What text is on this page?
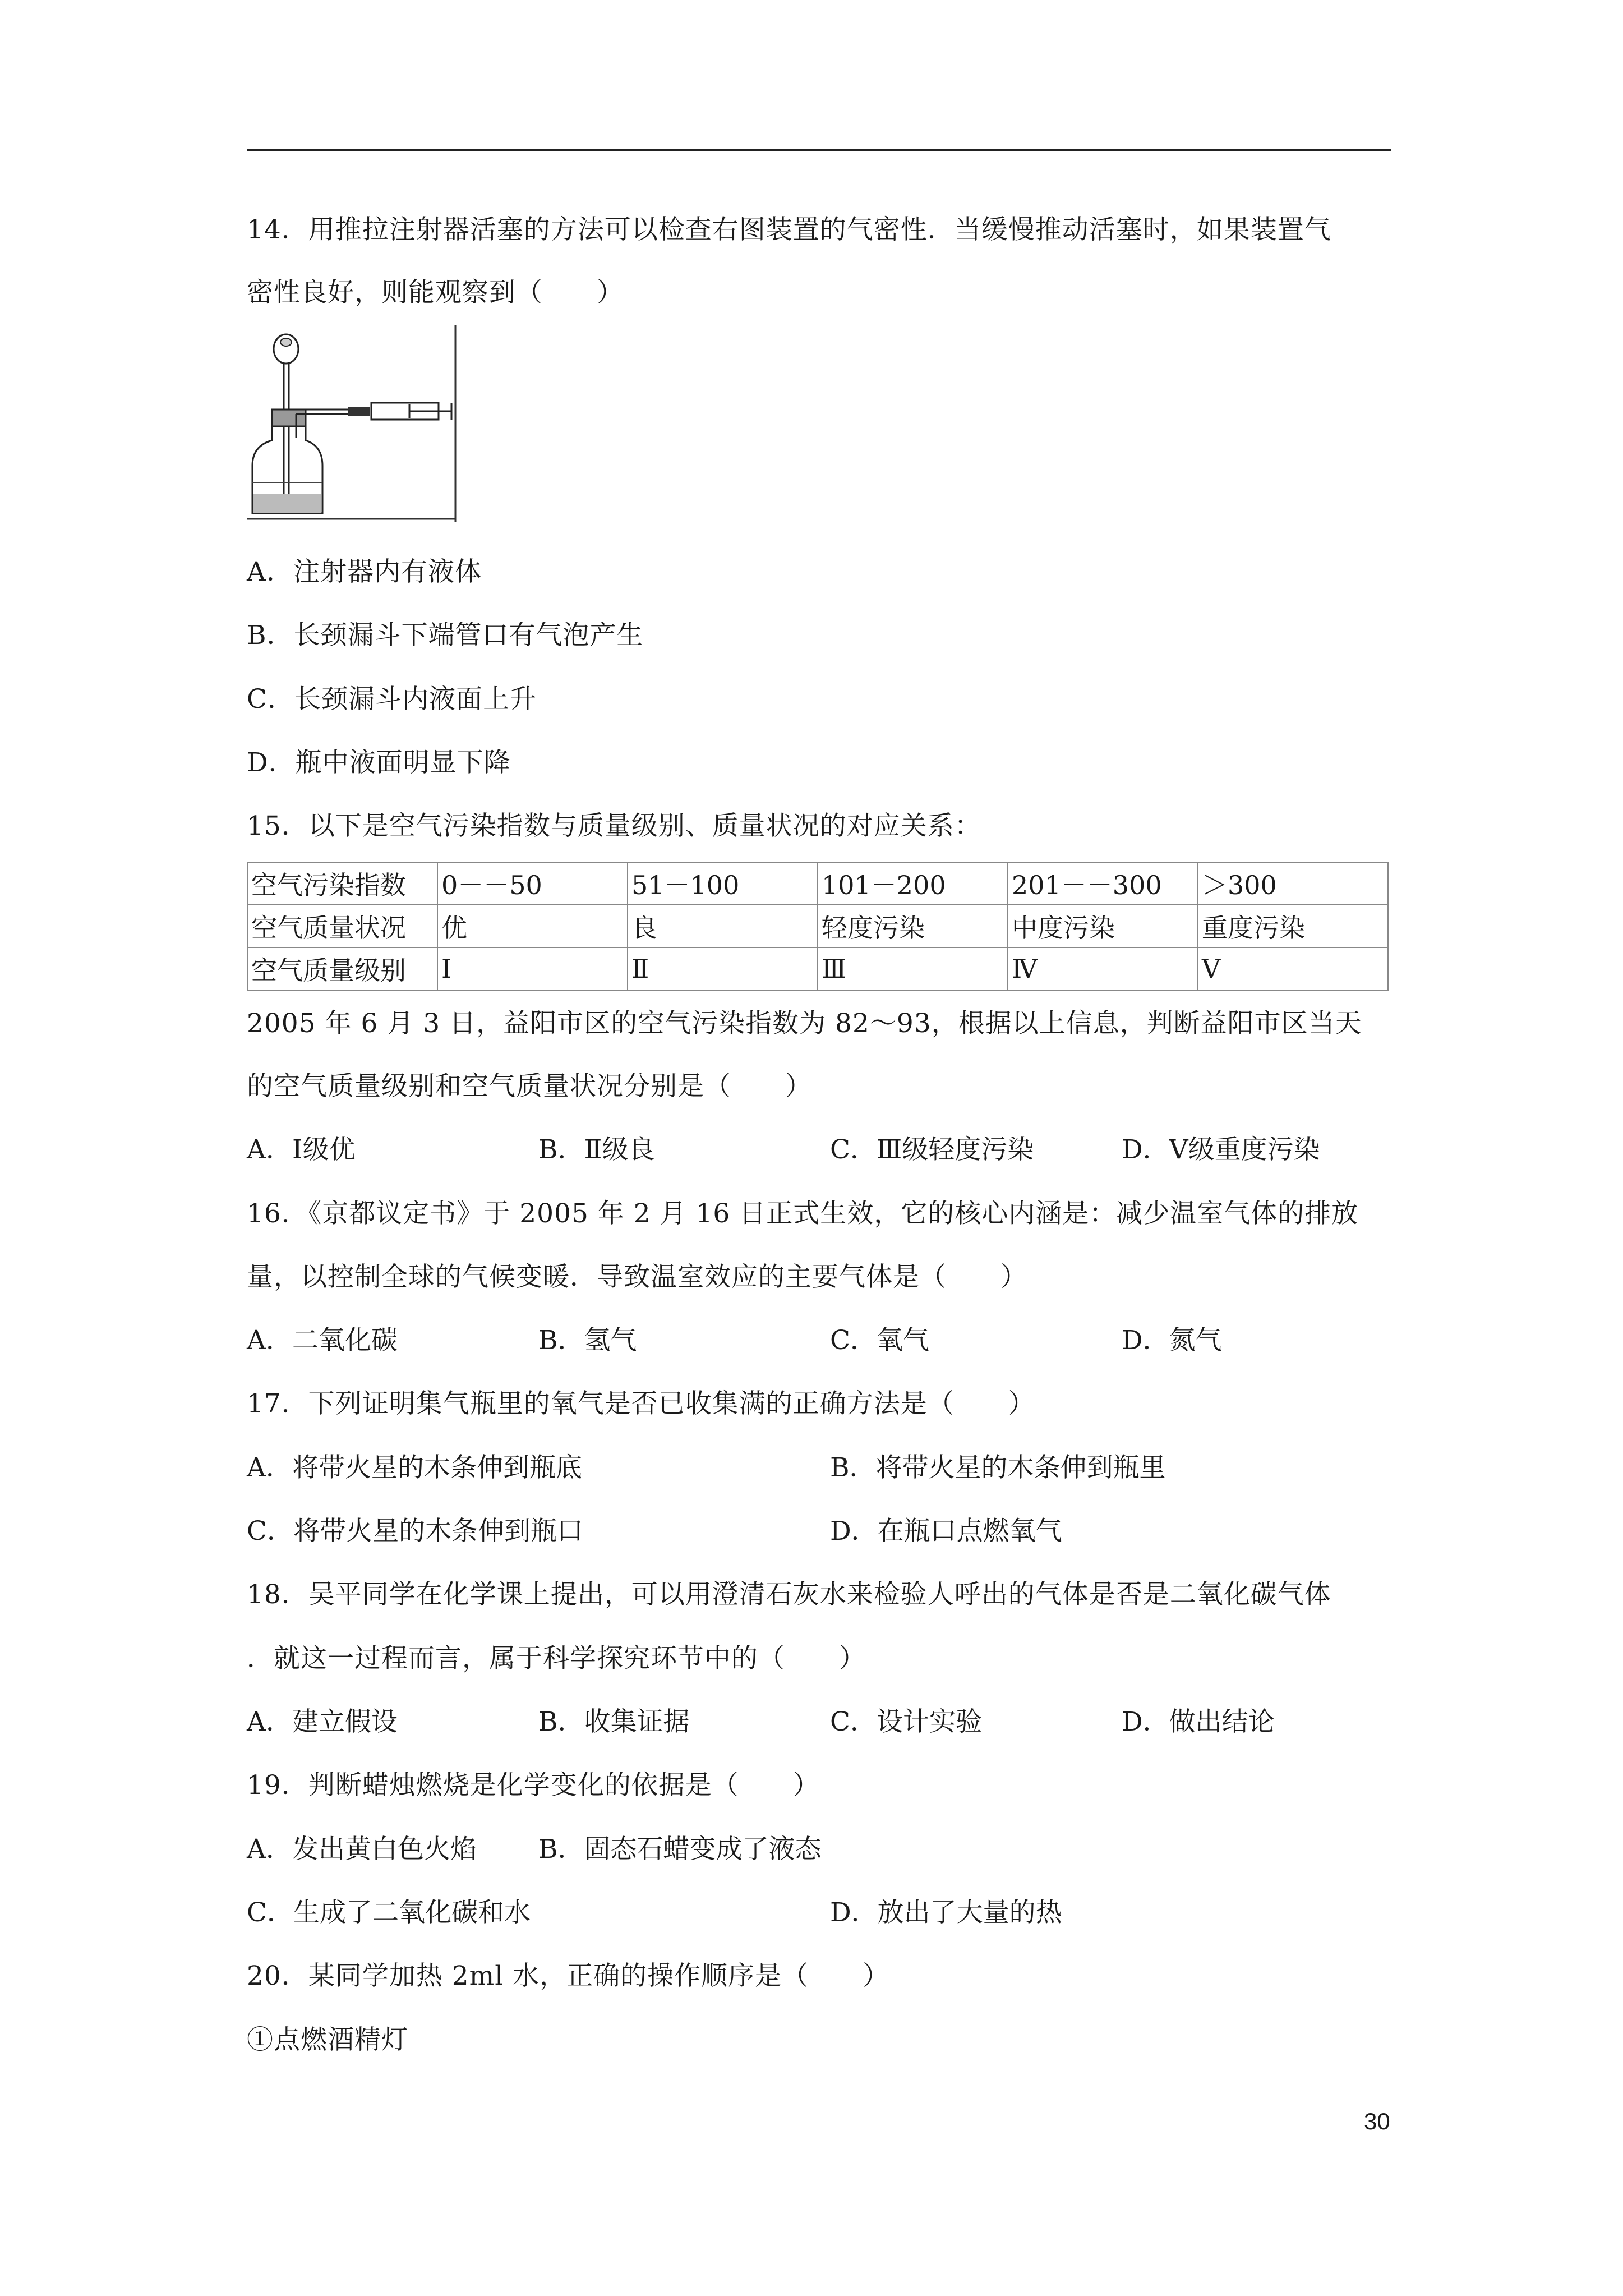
14．用推拉注射器活塞的方法可以检查右图装置的气密性．当缓慢推动活塞时，如果装置气
密性良好，则能观察到（　　）
A．注射器内有液体
B．长颈漏斗下端管口有气泡产生
C．长颈漏斗内液面上升
D．瓶中液面明显下降
15．以下是空气污染指数与质量级别、质量状况的对应关系：
空气污染指数	0－－50	51－100	101－200	201－－300	＞300
空气质量状况	优	良	轻度污染	中度污染	重度污染
空气质量级别	Ⅰ	Ⅱ	Ⅲ	Ⅳ	Ⅴ
2005 年 6 月 3 日，益阳市区的空气污染指数为 82～93，根据以上信息，判断益阳市区当天
的空气质量级别和空气质量状况分别是（　　）
A．Ⅰ级优	B．Ⅱ级良	C．Ⅲ级轻度污染	D．Ⅴ级重度污染
16．《京都议定书》于 2005 年 2 月 16 日正式生效，它的核心内涵是：减少温室气体的排放
量，以控制全球的气候变暖．导致温室效应的主要气体是（　　）
A．二氧化碳	B．氢气	C．氧气	D．氮气
17．下列证明集气瓶里的氧气是否已收集满的正确方法是（　　）
A．将带火星的木条伸到瓶底	B．将带火星的木条伸到瓶里
C．将带火星的木条伸到瓶口	D．在瓶口点燃氧气
18．吴平同学在化学课上提出，可以用澄清石灰水来检验人呼出的气体是否是二氧化碳气体
．就这一过程而言，属于科学探究环节中的（　　）
A．建立假设	B．收集证据	C．设计实验	D．做出结论
19．判断蜡烛燃烧是化学变化的依据是（　　）
A．发出黄白色火焰 B．固态石蜡变成了液态
C．生成了二氧化碳和水	D．放出了大量的热
20．某同学加热 2ml 水，正确的操作顺序是（　　）
①点燃酒精灯
30
